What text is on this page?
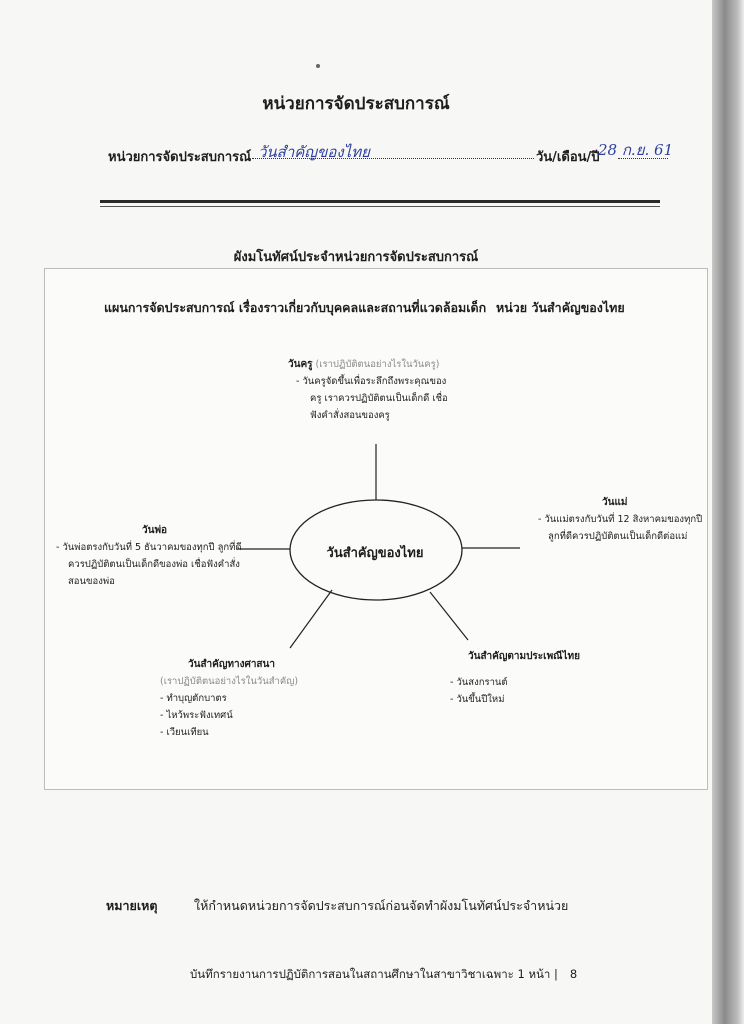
หน่วยการจัดประสบการณ์
หน่วยการจัดประสบการณ์ วันสำคัญของไทย	วัน/เดือน/ปี
28 ก.ย. 61
ผังมโนทัศน์ประจำหน่วยการจัดประสบการณ์
แผนการจัดประสบการณ์ เรื่องราวเกี่ยวกับบุคคลและสถานที่แวดล้อมเด็ก หน่วย วันสำคัญของไทย
วันสำคัญของไทย
วันครู (เราปฏิบัติตนอย่างไรในวันครู)
- วันครูจัดขึ้นเพื่อระลึกถึงพระคุณของ
ครู เราควรปฏิบัติตนเป็นเด็กดี เชื่อ
ฟังคำสั่งสอนของครู
วันแม่
- วันแม่ตรงกับวันที่ 12 สิงหาคมของทุกปี
ลูกที่ดีควรปฏิบัติตนเป็นเด็กดีต่อแม่
วันพ่อ
- วันพ่อตรงกับวันที่ 5 ธันวาคมของทุกปี ลูกที่ดี
ควรปฏิบัติตนเป็นเด็กดีของพ่อ เชื่อฟังคำสั่ง
สอนของพ่อ
วันสำคัญทางศาสนา
(เราปฏิบัติตนอย่างไรในวันสำคัญ)
- ทำบุญตักบาตร
- ไหว้พระฟังเทศน์
- เวียนเทียน
วันสำคัญตามประเพณีไทย
- วันสงกรานต์
- วันขึ้นปีใหม่
หมายเหตุ	ให้กำหนดหน่วยการจัดประสบการณ์ก่อนจัดทำผังมโนทัศน์ประจำหน่วย
บันทึกรายงานการปฏิบัติการสอนในสถานศึกษาในสาขาวิชาเฉพาะ 1 หน้า | 8
